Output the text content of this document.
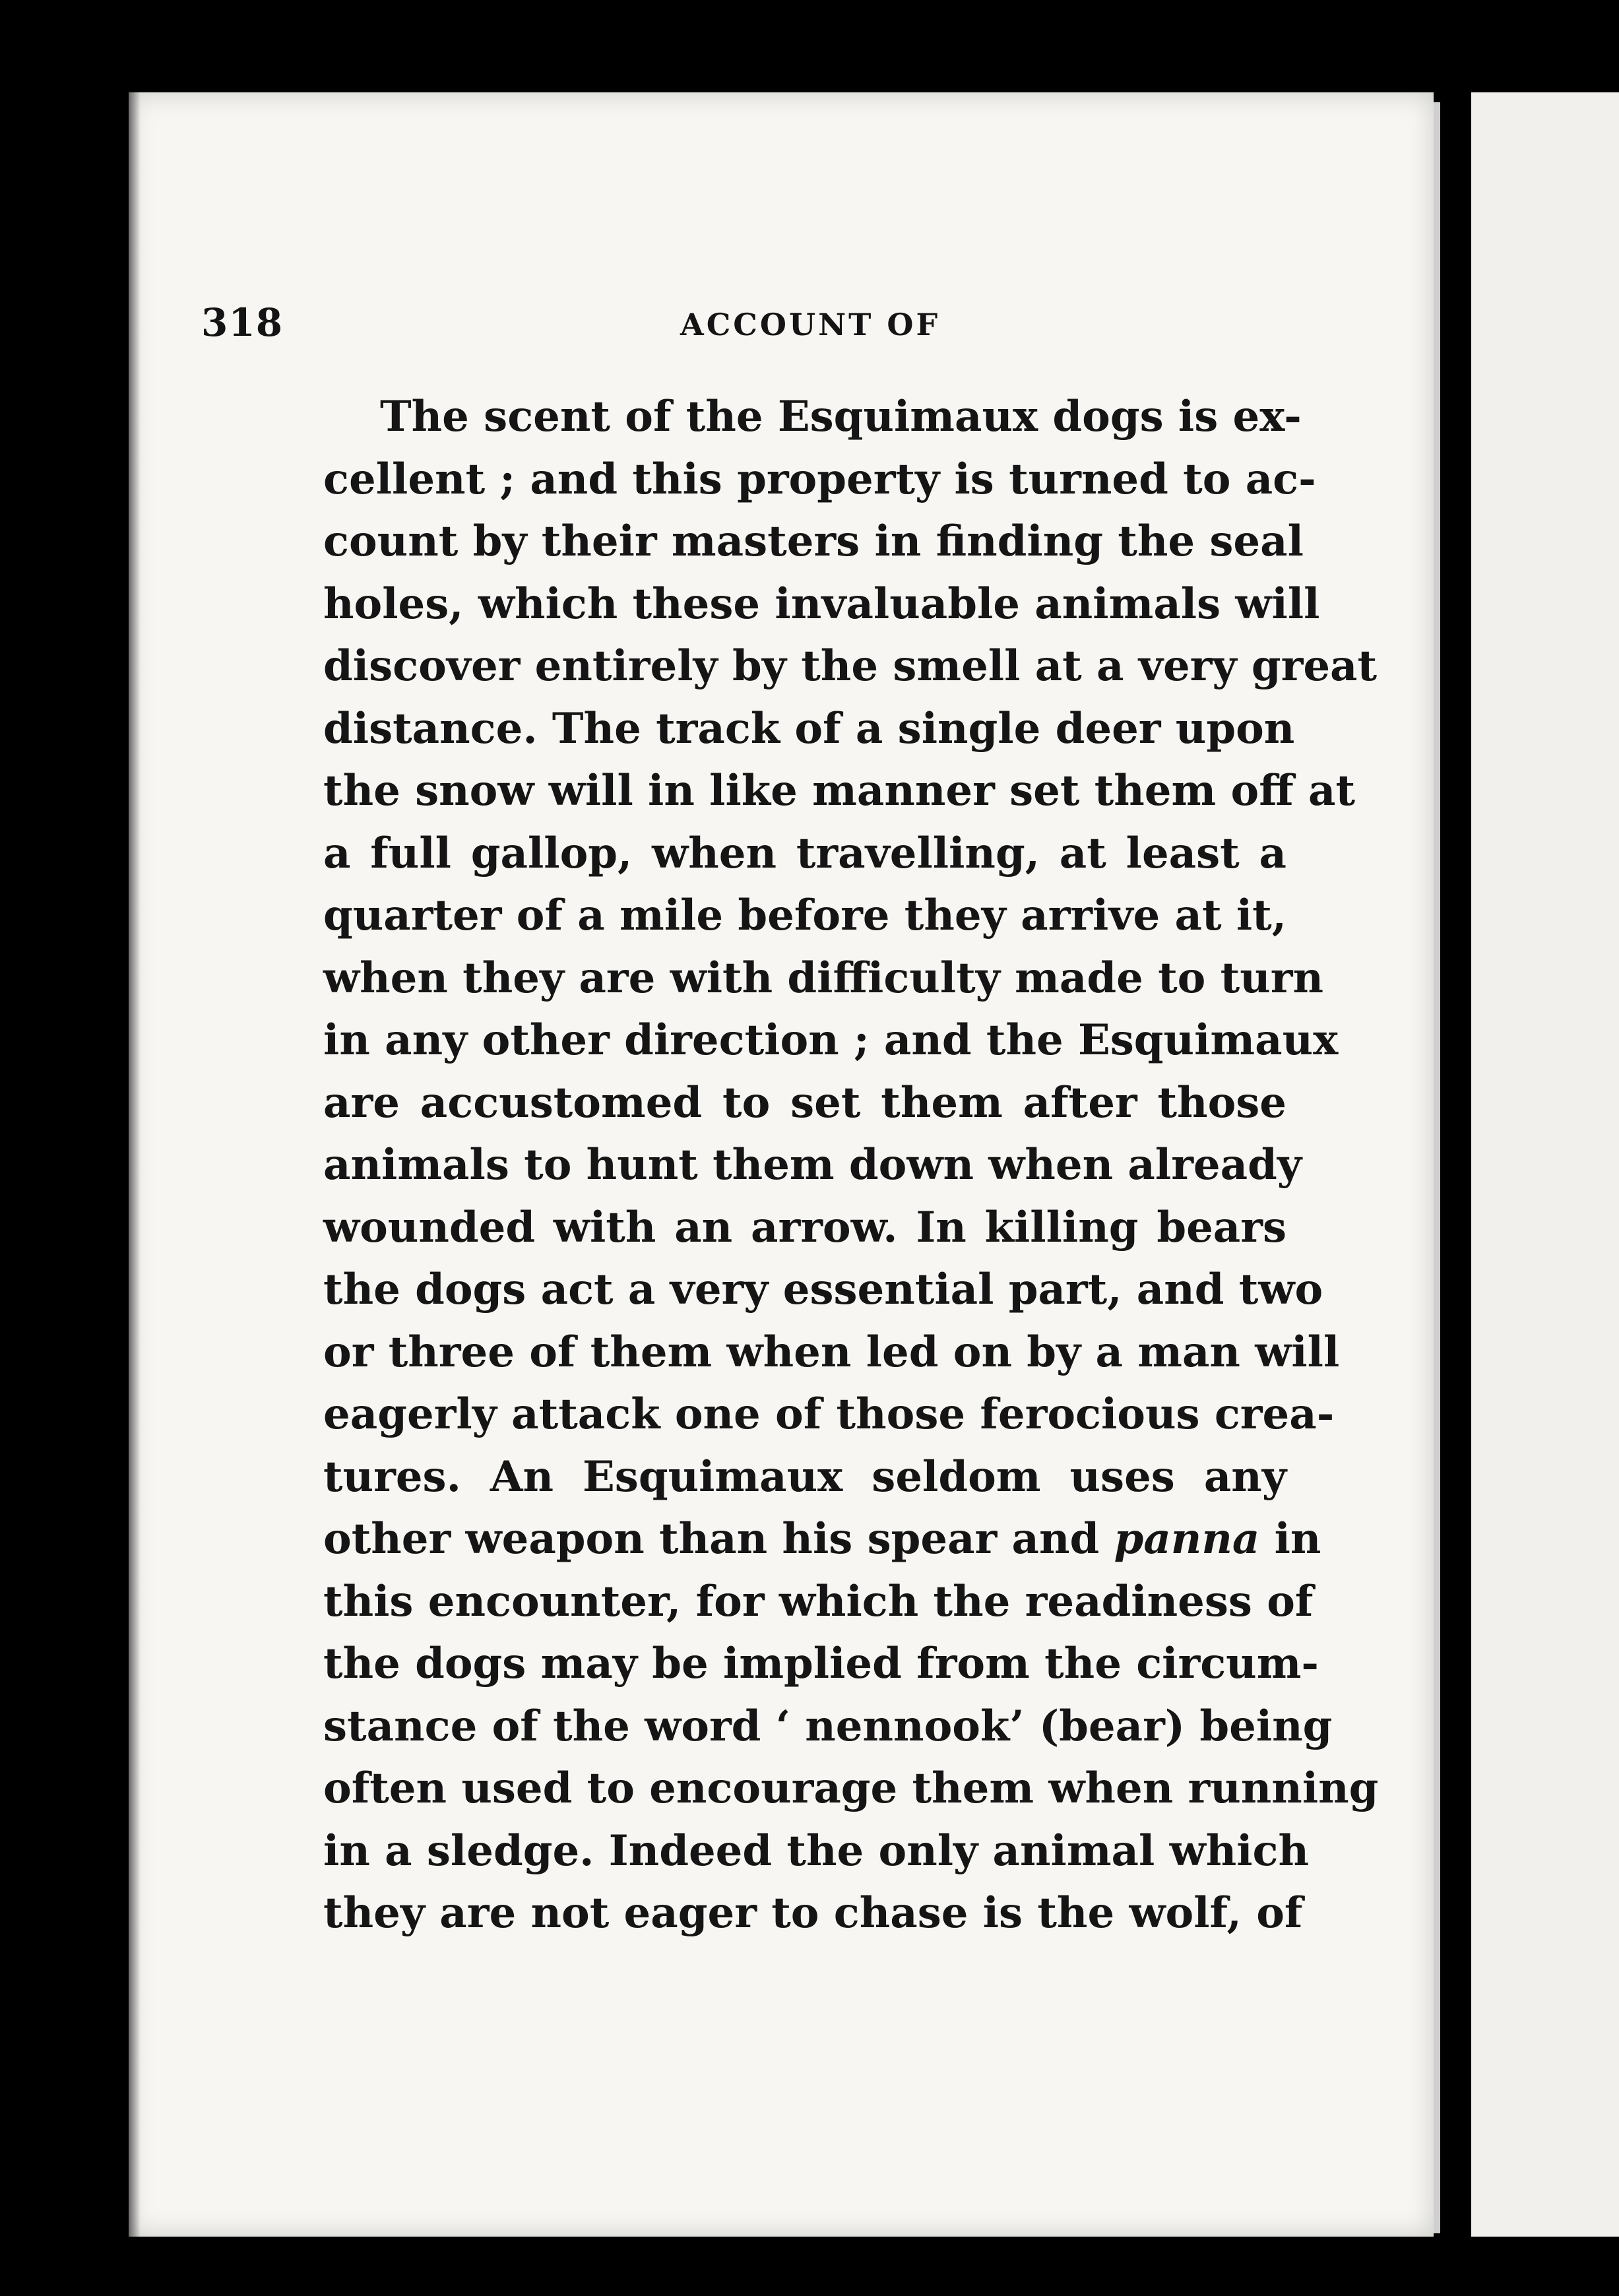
318	ACCOUNT OF

The scent of the Esquimaux dogs is ex-
cellent ; and this property is turned to ac-
count by their masters in finding the seal
holes, which these invaluable animals will
discover entirely by the smell at a very great
distance. The track of a single deer upon
the snow will in like manner set them off at
a full gallop, when travelling, at least a
quarter of a mile before they arrive at it,
when they are with difficulty made to turn
in any other direction ; and the Esquimaux
are accustomed to set them after those
animals to hunt them down when already
wounded with an arrow. In killing bears
the dogs act a very essential part, and two
or three of them when led on by a man will
eagerly attack one of those ferocious crea-
tures. An Esquimaux seldom uses any
other weapon than his spear and panna in
this encounter, for which the readiness of
the dogs may be implied from the circum-
stance of the word ‘ nennook’ (bear) being
often used to encourage them when running
in a sledge. Indeed the only animal which
they are not eager to chase is the wolf, of
